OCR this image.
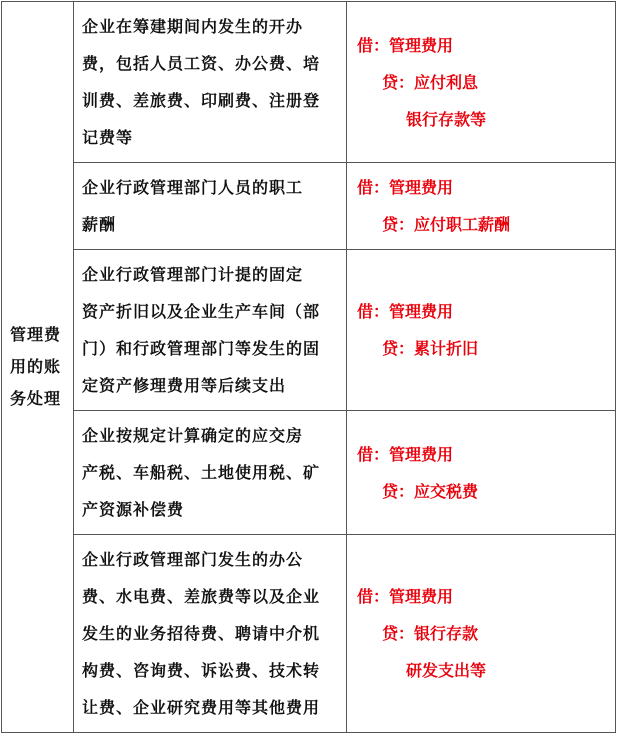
管理费
用的账
务处理	企业在筹建期间内发生的开办
费，包括人员工资、办公费、培
训费、差旅费、印刷费、注册登
记费等	借：管理费用
贷：应付利息
银行存款等

	企业行政管理部门人员的职工
薪酬	借：管理费用
贷：应付职工薪酬

	企业行政管理部门计提的固定
资产折旧以及企业生产车间（部
门）和行政管理部门等发生的固
定资产修理费用等后续支出	借：管理费用
贷：累计折旧

	企业按规定计算确定的应交房
产税、车船税、土地使用税、矿
产资源补偿费	借：管理费用
贷：应交税费

	企业行政管理部门发生的办公
费、水电费、差旅费等以及企业
发生的业务招待费、聘请中介机
构费、咨询费、诉讼费、技术转
让费、企业研究费用等其他费用	借：管理费用
贷：银行存款
研发支出等
